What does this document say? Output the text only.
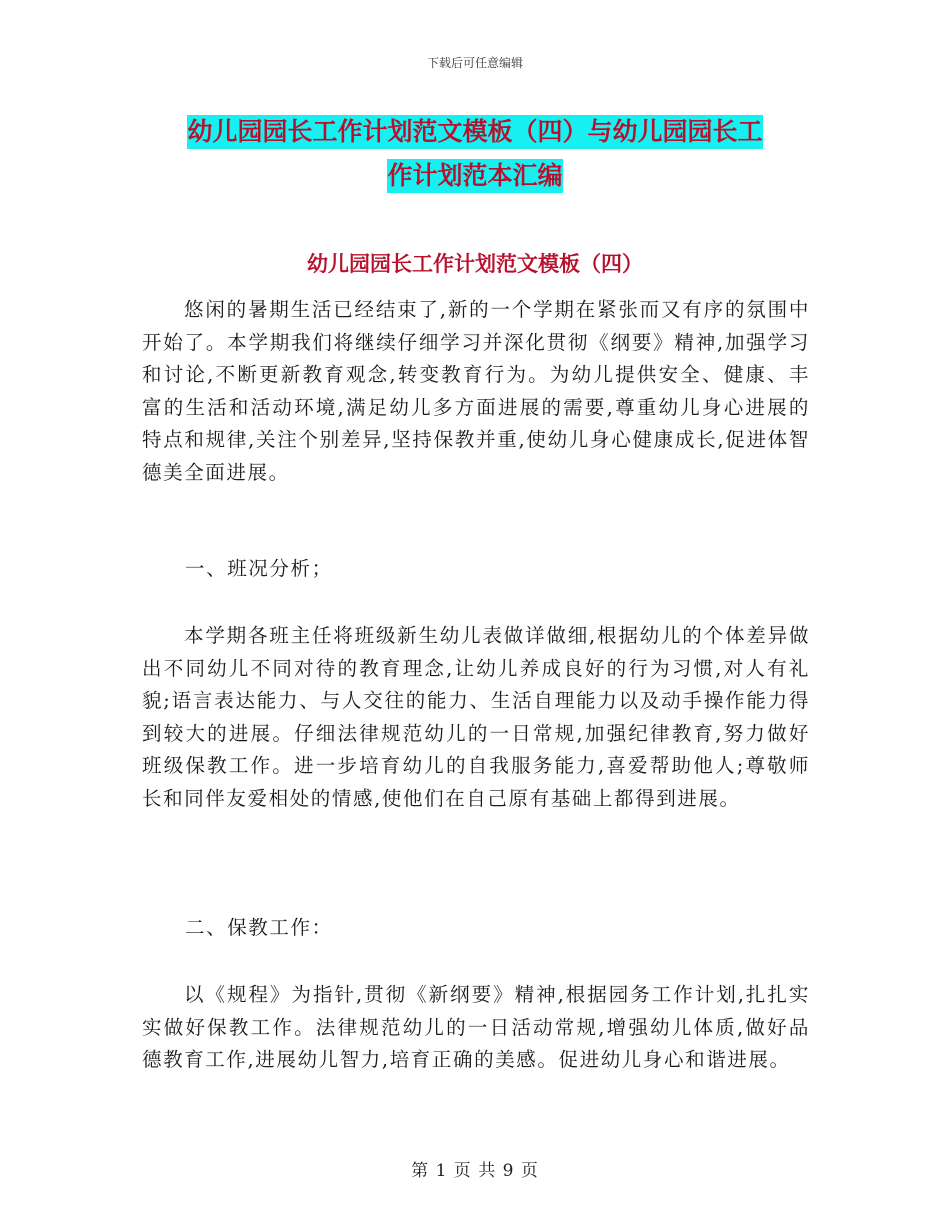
下载后可任意编辑
幼儿园园长工作计划范文模板（四）与幼儿园园长工
作计划范本汇编
幼儿园园长工作计划范文模板（四）

悠闲的暑期生活已经结束了,新的一个学期在紧张而又有序的氛围中开始了。本学期我们将继续仔细学习并深化贯彻《纲要》精神,加强学习和讨论,不断更新教育观念,转变教育行为。为幼儿提供安全、健康、丰富的生活和活动环境,满足幼儿多方面进展的需要,尊重幼儿身心进展的特点和规律,关注个别差异,坚持保教并重,使幼儿身心健康成长,促进体智德美全面进展。

一、班况分析；

本学期各班主任将班级新生幼儿表做详做细,根据幼儿的个体差异做出不同幼儿不同对待的教育理念,让幼儿养成良好的行为习惯,对人有礼貌;语言表达能力、与人交往的能力、生活自理能力以及动手操作能力得到较大的进展。仔细法律规范幼儿的一日常规,加强纪律教育,努力做好班级保教工作。进一步培育幼儿的自我服务能力,喜爱帮助他人;尊敬师长和同伴友爱相处的情感,使他们在自己原有基础上都得到进展。

二、保教工作：

以《规程》为指针,贯彻《新纲要》精神,根据园务工作计划,扎扎实实做好保教工作。法律规范幼儿的一日活动常规,增强幼儿体质,做好品德教育工作,进展幼儿智力,培育正确的美感。促进幼儿身心和谐进展。

第 1 页 共 9 页
